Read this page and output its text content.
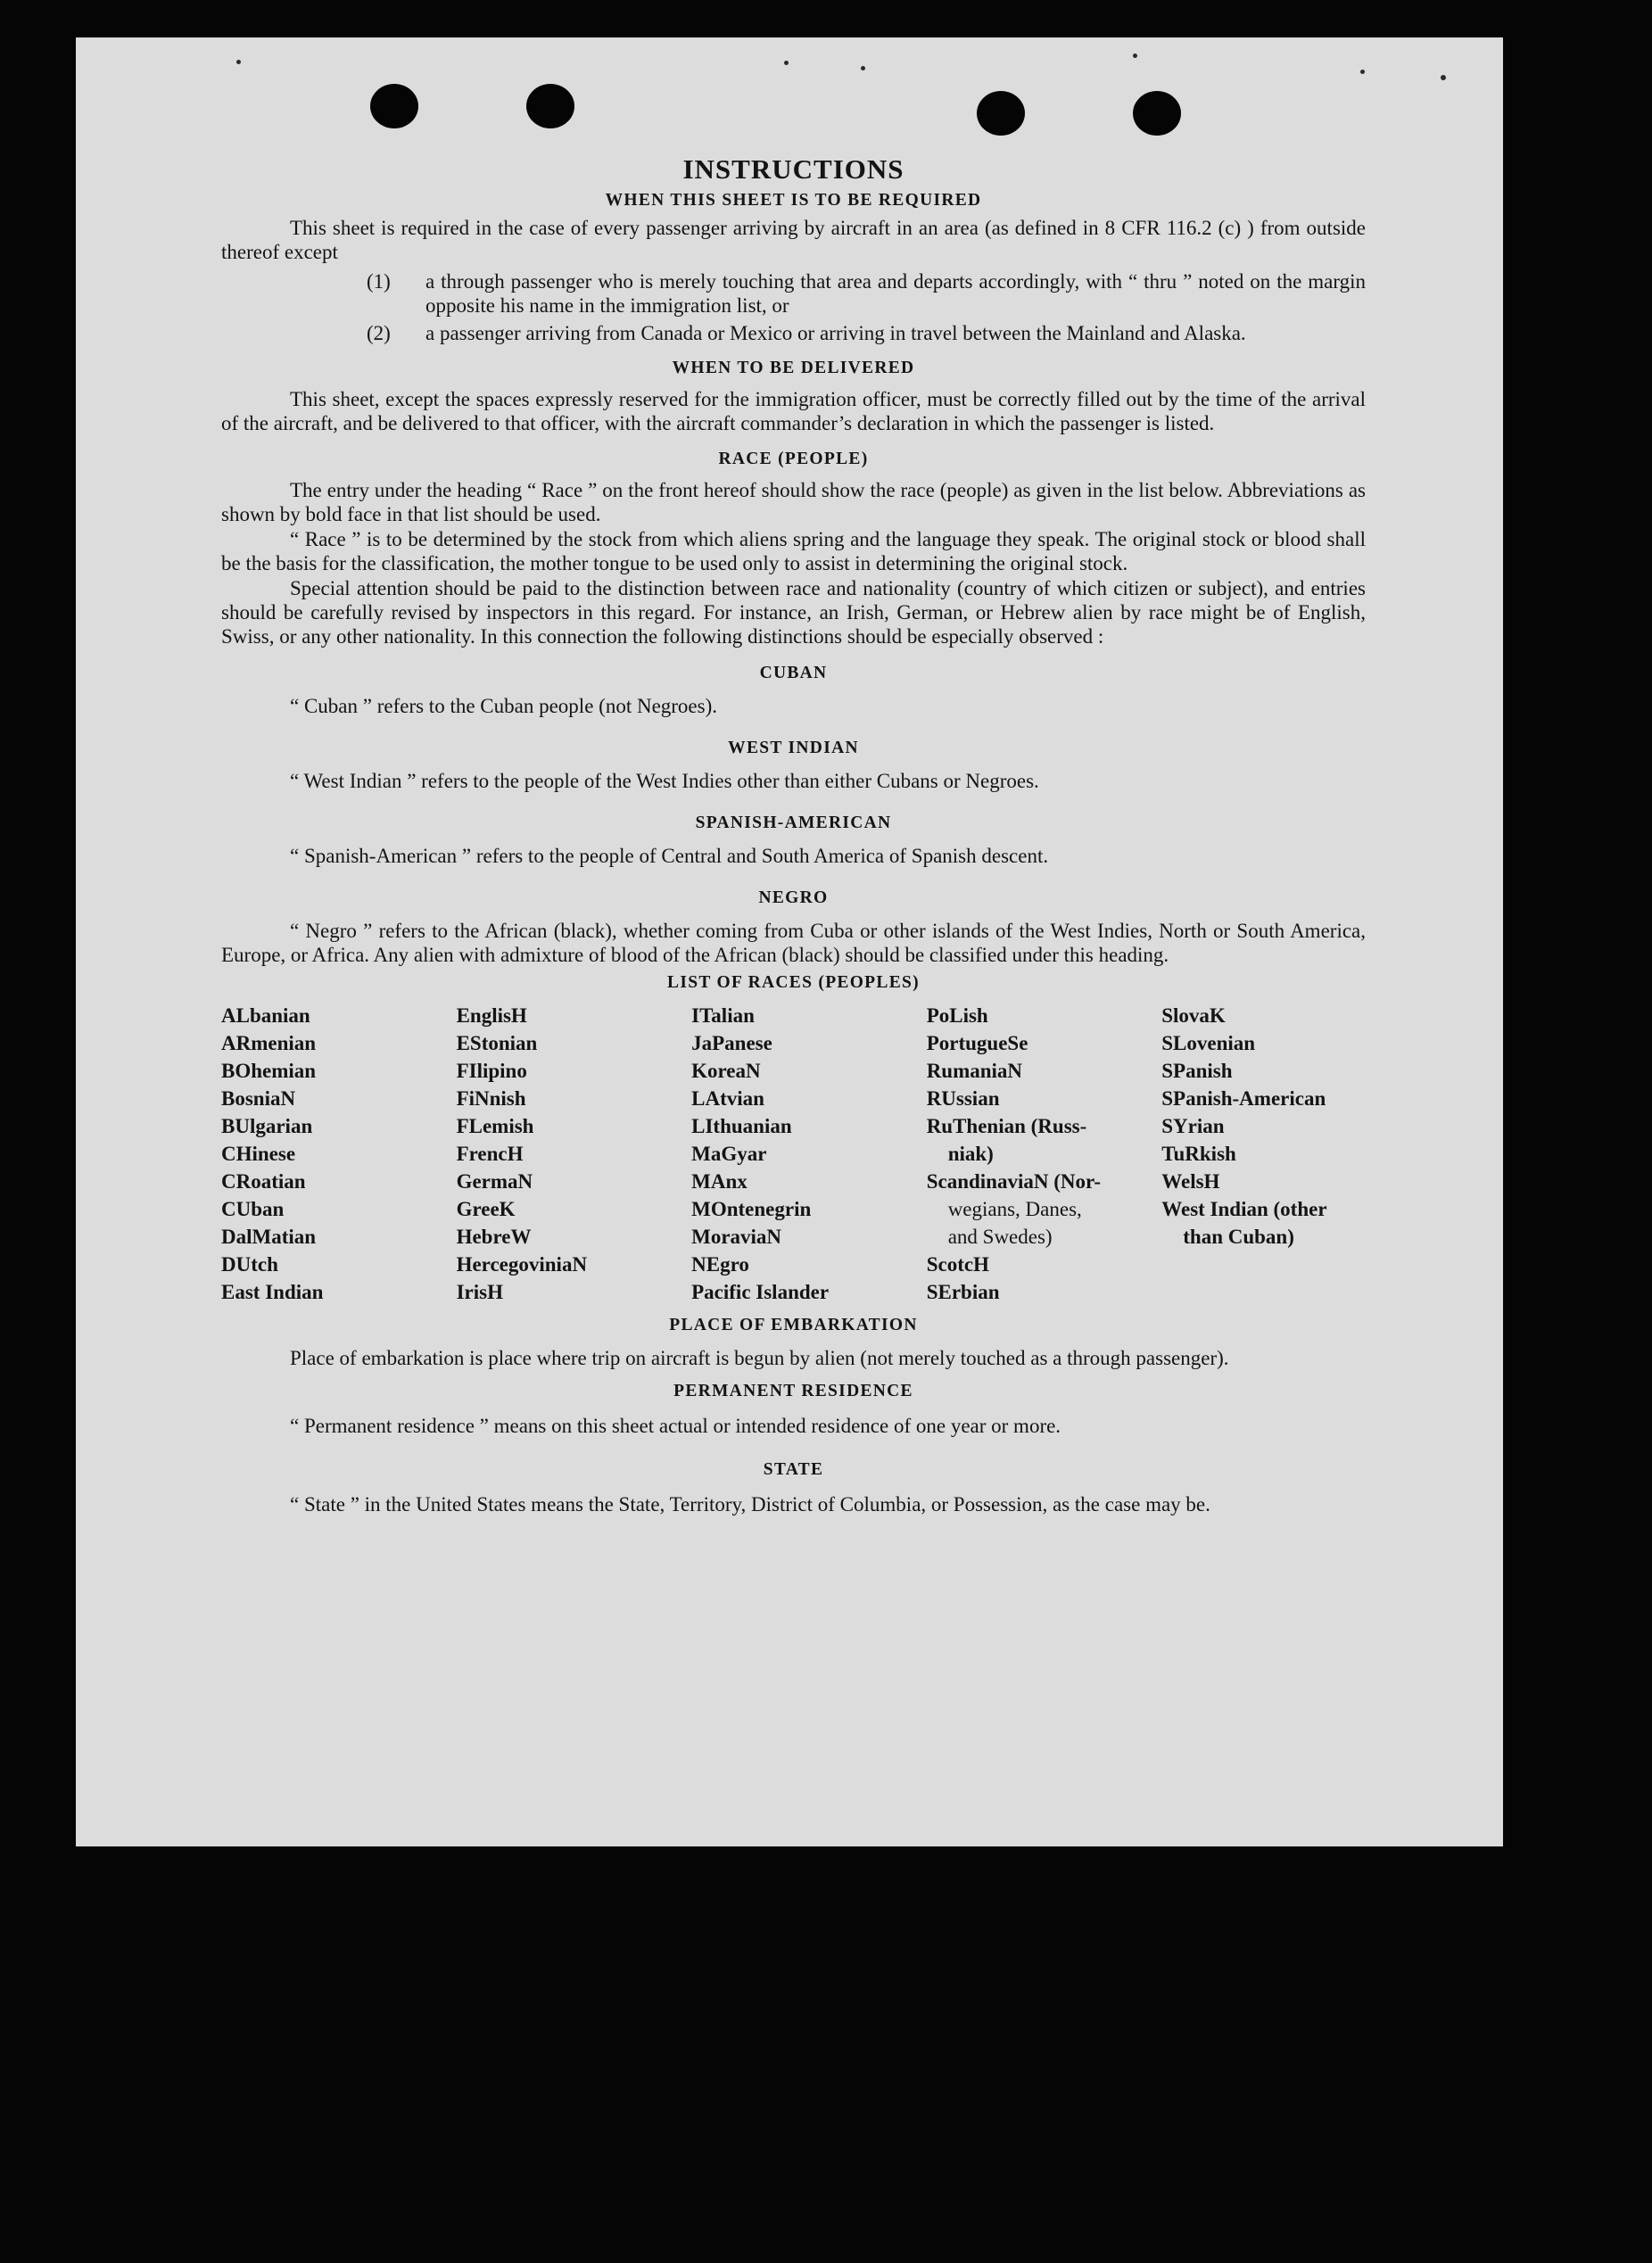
INSTRUCTIONS
WHEN THIS SHEET IS TO BE REQUIRED

This sheet is required in the case of every passenger arriving by aircraft in an area (as defined in 8 CFR 116.2 (c) ) from outside thereof except

(1) a through passenger who is merely touching that area and departs accordingly, with “ thru ” noted on the margin opposite his name in the immigration list, or

(2) a passenger arriving from Canada or Mexico or arriving in travel between the Mainland and Alaska.

WHEN TO BE DELIVERED

This sheet, except the spaces expressly reserved for the immigration officer, must be correctly filled out by the time of the arrival of the aircraft, and be delivered to that officer, with the aircraft commander’s declaration in which the passenger is listed.

RACE (PEOPLE)

The entry under the heading “ Race ” on the front hereof should show the race (people) as given in the list below. Abbreviations as shown by bold face in that list should be used.

“ Race ” is to be determined by the stock from which aliens spring and the language they speak. The original stock or blood shall be the basis for the classification, the mother tongue to be used only to assist in determining the original stock.

Special attention should be paid to the distinction between race and nationality (country of which citizen or subject), and entries should be carefully revised by inspectors in this regard. For instance, an Irish, German, or Hebrew alien by race might be of English, Swiss, or any other nationality. In this connection the following distinctions should be especially observed :

CUBAN

“ Cuban ” refers to the Cuban people (not Negroes).

WEST INDIAN

“ West Indian ” refers to the people of the West Indies other than either Cubans or Negroes.

SPANISH-AMERICAN

“ Spanish-American ” refers to the people of Central and South America of Spanish descent.

NEGRO

“ Negro ” refers to the African (black), whether coming from Cuba or other islands of the West Indies, North or South America, Europe, or Africa. Any alien with admixture of blood of the African (black) should be classified under this heading.

LIST OF RACES (PEOPLES)
ALbanian
ARmenian
BOhemian
BosniaN
BUlgarian
CHinese
CRoatian
CUban
DalMatian
DUtch
East Indian
EnglisH
EStonian
FIlipino
FiNnish
FLemish
FrencH
GermaN
GreeK
HebreW
HercegoviniaN
IrisH
ITalian
JaPanese
KoreaN
LAtvian
LIthuanian
MaGyar
MAnx
MOntenegrin
MoraviaN
NEgro
Pacific Islander
PoLish
PortugueSe
RumaniaN
RUssian
RuThenian (Russ-
niak)
ScandinaviaN (Nor-
wegians, Danes,
and Swedes)
ScotcH
SErbian
SlovaK
SLovenian
SPanish
SPanish-American
SYrian
TuRkish
WelsH
West Indian (other
than Cuban)
PLACE OF EMBARKATION

Place of embarkation is place where trip on aircraft is begun by alien (not merely touched as a through passenger).

PERMANENT RESIDENCE

“ Permanent residence ” means on this sheet actual or intended residence of one year or more.

STATE

“ State ” in the United States means the State, Territory, District of Columbia, or Possession, as the case may be.
